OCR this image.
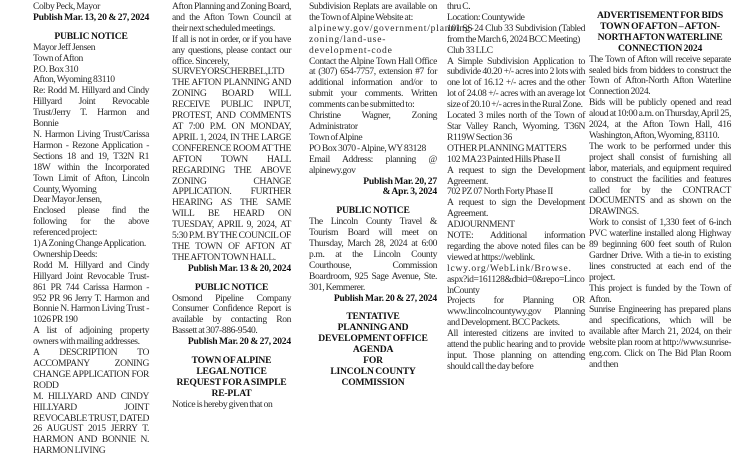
Colby Peck, Mayor

Publish Mar. 13, 20 & 27, 2024

PUBLIC NOTICE

Mayor Jeff Jensen

Town of Afton

P.O. Box 310

Afton, Wyoming 83110

Re: Rodd M. Hillyard and Cindy Hillyard Joint Revocable Trust/Jerry T. Harmon and Bonnie

N. Harmon Living Trust/Carissa Harmon - Rezone Application - Sections 18 and 19, T32N R1 18W within the Incorporated Town Limit of Afton, Lincoln County, Wyoming

Dear Mayor Jensen,

Enclosed please find the following for the above referenced project:

1) A Zoning Change Application.

Ownership Deeds:

Rodd M. Hillyard and Cindy Hillyard Joint Revocable Trust- 861 PR 744 Carissa Harmon - 952 PR 96 Jerry T. Harmon and Bonnie N. Harmon Living Trust - 1026 PR 190

A list of adjoining property owners with mailing addresses.

A DESCRIPTION TO ACCOMPANY ZONING CHANGE APPLICATION FOR RODD

M. HILLYARD AND CINDY HILLYARD JOINT REVOCABLE TRUST, DATED 26 AUGUST 2015 JERRY T. HARMON AND BONNIE N. HARMON LIVING

Afton Planning and Zoning Board, and the Afton Town Council at their next scheduled meetings.

If all is not in order, or if you have any questions, please contact our office. Sincerely,

SURVEYORSCHERBEL,LTD

THE AFTON PLANNING AND ZONING BOARD WILL RECEIVE PUBLIC INPUT, PROTEST, AND COMMENTS AT 7:00 P.M. ON MONDAY, APRIL 1, 2024, IN THE LARGE CONFERENCE ROOM AT THE AFTON TOWN HALL REGARDING THE ABOVE ZONING CHANGE APPLICATION. FURTHER HEARING AS THE SAME WILL BE HEARD ON TUESDAY, APRIL 9, 2024, AT 5:30 P.M. BY THE COUNCIL OF THE TOWN OF AFTON AT THE AFTON TOWN HALL.

Publish Mar. 13 & 20, 2024

PUBLIC NOTICE

Osmond Pipeline Company Consumer Confidence Report is available by contacting Ron Bassett at 307-886-9540.

Publish Mar. 20 & 27, 2024

TOWN OF ALPINE

LEGAL NOTICE

REQUEST FOR A SIMPLE RE-PLAT

Notice is hereby given that on

Subdivision Replats are available on the Town of Alpine Website at:

alpinewy.gov/government/planning-zoning/land-use-development-code

Contact the Alpine Town Hall Office at (307) 654-7757, extension #7 for additional information and/or to submit your comments. Written comments can be submitted to:

Christine Wagner, Zoning Administrator

Town of Alpine

PO Box 3070 - Alpine, WY 83128

Email Address: planning @ alpinewy.gov

Publish Mar. 20, 27

& Apr. 3, 2024

PUBLIC NOTICE

The Lincoln County Travel & Tourism Board will meet on Thursday, March 28, 2024 at 6:00 p.m. at the Lincoln County Courthouse, Commission Boardroom, 925 Sage Avenue, Ste. 301, Kemmerer.

Publish Mar. 20 & 27, 2024

TENTATIVE

PLANNING AND

DEVELOPMENT OFFICE

AGENDA

FOR

LINCOLN COUNTY

COMMISSION

thru C.

Location: Countywide

101 SS 24 Club 33 Subdivision (Tabled from the March 6, 2024 BCC Meeting)

Club 33 LLC

A Simple Subdivision Application to subdivide 40.20 +/- acres into 2 lots with one lot of 16.12 +/- acres and the other lot of 24.08 +/- acres with an average lot size of 20.10 +/- acres in the Rural Zone.

Located 3 miles north of the Town of Star Valley Ranch, Wyoming. T36N R119W Section 36

OTHER PLANNING MATTERS

102 MA 23 Painted Hills Phase II

A request to sign the Development Agreement.

702 PZ 07 North Forty Phase II

A request to sign the Development Agreement.

ADJOURNMENT

NOTE: Additional information regarding the above noted files can be viewed at https://weblink.

lcwy.org/WebLink/Browse.

aspx?id=161128&dbid=0&repo=LincolnCounty

Projects for Planning OR www.lincolncountywy.gov Planning and Development. BCC Packets.

All interested citizens are invited to attend the public hearing and to provide input. Those planning on attending should call the day before

ADVERTISEMENT FOR BIDS TOWN OF AFTON – AFTON-NORTH AFTON WATERLINE CONNECTION 2024

The Town of Afton will receive separate sealed bids from bidders to construct the Town of Afton-North Afton Waterline Connection 2024.

Bids will be publicly opened and read aloud at 10:00 a.m. on Thursday, April 25, 2024, at the Afton Town Hall, 416 Washington, Afton, Wyoming, 83110.

The work to be performed under this project shall consist of furnishing all labor, materials, and equipment required to construct the facilities and features called for by the CONTRACT DOCUMENTS and as shown on the DRAWINGS.

Work to consist of 1,330 feet of 6-inch PVC waterline installed along Highway 89 beginning 600 feet south of Rulon Gardner Drive. With a tie-in to existing lines constructed at each end of the project.

This project is funded by the Town of Afton.

Sunrise Engineering has prepared plans and specifications, which will be available after March 21, 2024, on their website plan room at http://www.sunrise-eng.com. Click on The Bid Plan Room and then
